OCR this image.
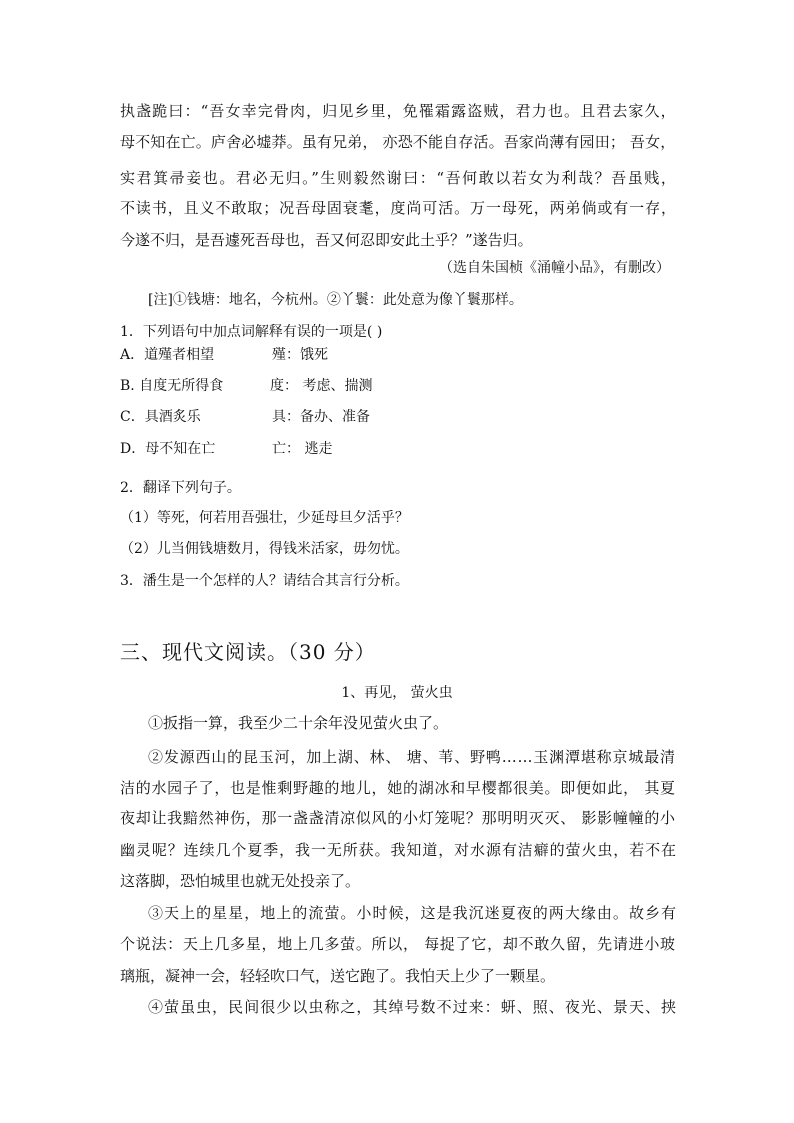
执盏跪曰：“吾女幸完骨肉，归见乡里，免罹霜露盗贼，君力也。且君去家久，
母不知在亡。庐舍必墟莽。虽有兄弟， 亦恐不能自存活。吾家尚薄有园田； 吾女，
实君箕帚妾也。君必无归。”生则毅然谢曰：“吾何敢以若女为利哉？吾虽贱，
不读书，且义不敢取；况吾母固衰耄，度尚可活。万一母死，两弟倘或有一存，
今遂不归，是吾遽死吾母也，吾又何忍即安此土乎？”遂告归。
（选自朱国桢《涌幢小品》，有删改）
[注]①钱塘：地名，今杭州。②丫鬟：此处意为像丫鬟那样。
1．下列语句中加点词解释有误的一项是( )
A．道殣者相望	殣：饿死
B. 自度无所得食	度： 考虑、揣测
C．具酒炙乐	具：备办、准备
D．母不知在亡	亡： 逃走
2．翻译下列句子。
（1）等死，何若用吾强壮，少延母旦夕活乎？
（2）儿当佣钱塘数月，得钱米活家，毋勿忧。
3．潘生是一个怎样的人？请结合其言行分析。
三、现代文阅读。（30 分）
1、再见， 萤火虫
①扳指一算，我至少二十余年没见萤火虫了。
②发源西山的昆玉河，加上湖、林、 塘、苇、野鸭……玉渊潭堪称京城最清
洁的水园子了，也是惟剩野趣的地儿，她的湖冰和早樱都很美。即便如此， 其夏
夜却让我黯然神伤，那一盏盏清凉似风的小灯笼呢？那明明灭灭、 影影幢幢的小
幽灵呢？连续几个夏季，我一无所获。我知道，对水源有洁癖的萤火虫，若不在
这落脚，恐怕城里也就无处投亲了。
③天上的星星，地上的流萤。小时候，这是我沉迷夏夜的两大缘由。故乡有
个说法：天上几多星，地上几多萤。所以， 每捉了它，却不敢久留，先请进小玻
璃瓶，凝神一会，轻轻吹口气，送它跑了。我怕天上少了一颗星。
④萤虽虫，民间很少以虫称之，其绰号数不过来：蚈、照、夜光、景天、挟
